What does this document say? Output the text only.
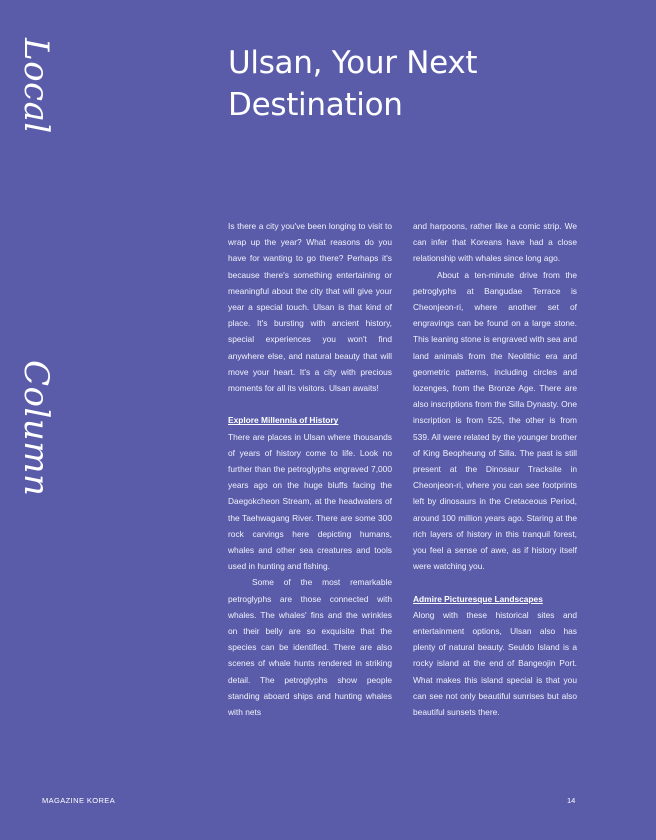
Local
Column
Ulsan, Your Next Destination

Is there a city you've been longing to visit to wrap up the year? What reasons do you have for wanting to go there? Perhaps it's because there's something entertaining or meaningful about the city that will give your year a special touch. Ulsan is that kind of place. It's bursting with ancient history, special experiences you won't find anywhere else, and natural beauty that will move your heart. It's a city with precious moments for all its visitors. Ulsan awaits!

Explore Millennia of History

There are places in Ulsan where thousands of years of history come to life. Look no further than the petroglyphs engraved 7,000 years ago on the huge bluffs facing the Daegokcheon Stream, at the headwaters of the Taehwagang River. There are some 300 rock carvings here depicting humans, whales and other sea creatures and tools used in hunting and fishing.

Some of the most remarkable petroglyphs are those connected with whales. The whales' fins and the wrinkles on their belly are so exquisite that the species can be identified. There are also scenes of whale hunts rendered in striking detail. The petroglyphs show people standing aboard ships and hunting whales with nets

and harpoons, rather like a comic strip. We can infer that Koreans have had a close relationship with whales since long ago.

About a ten-minute drive from the petroglyphs at Bangudae Terrace is Cheonjeon-ri, where another set of engravings can be found on a large stone. This leaning stone is engraved with sea and land animals from the Neolithic era and geometric patterns, including circles and lozenges, from the Bronze Age. There are also inscriptions from the Silla Dynasty. One inscription is from 525, the other is from 539. All were related by the younger brother of King Beopheung of Silla. The past is still present at the Dinosaur Tracksite in Cheonjeon-ri, where you can see footprints left by dinosaurs in the Cretaceous Period, around 100 million years ago. Staring at the rich layers of history in this tranquil forest, you feel a sense of awe, as if history itself were watching you.

Admire Picturesque Landscapes

Along with these historical sites and entertainment options, Ulsan also has plenty of natural beauty. Seuldo Island is a rocky island at the end of Bangeojin Port. What makes this island special is that you can see not only beautiful sunrises but also beautiful sunsets there.

MAGAZINE KOREA	14
